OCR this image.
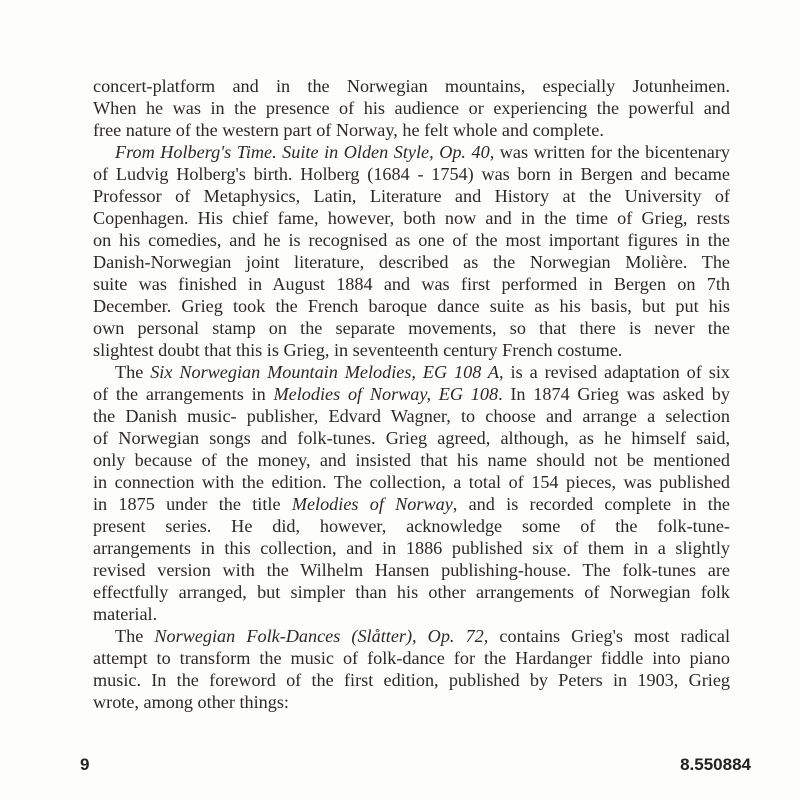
concert-platform and in the Norwegian mountains, especially Jotunheimen.
When he was in the presence of his audience or experiencing the powerful and
free nature of the western part of Norway, he felt whole and complete.
From Holberg's Time. Suite in Olden Style, Op. 40, was written for the bicentenary
of Ludvig Holberg's birth. Holberg (1684 - 1754) was born in Bergen and became
Professor of Metaphysics, Latin, Literature and History at the University of
Copenhagen. His chief fame, however, both now and in the time of Grieg, rests
on his comedies, and he is recognised as one of the most important figures in the
Danish-Norwegian joint literature, described as the Norwegian Molière. The
suite was finished in August 1884 and was first performed in Bergen on 7th
December. Grieg took the French baroque dance suite as his basis, but put his
own personal stamp on the separate movements, so that there is never the
slightest doubt that this is Grieg, in seventeenth century French costume.
The Six Norwegian Mountain Melodies, EG 108 A, is a revised adaptation of six
of the arrangements in Melodies of Norway, EG 108. In 1874 Grieg was asked by
the Danish music- publisher, Edvard Wagner, to choose and arrange a selection
of Norwegian songs and folk-tunes. Grieg agreed, although, as he himself said,
only because of the money, and insisted that his name should not be mentioned
in connection with the edition. The collection, a total of 154 pieces, was published
in 1875 under the title Melodies of Norway, and is recorded complete in the
present series. He did, however, acknowledge some of the folk-tune-
arrangements in this collection, and in 1886 published six of them in a slightly
revised version with the Wilhelm Hansen publishing-house. The folk-tunes are
effectfully arranged, but simpler than his other arrangements of Norwegian folk
material.
The Norwegian Folk-Dances (Slåtter), Op. 72, contains Grieg's most radical
attempt to transform the music of folk-dance for the Hardanger fiddle into piano
music. In the foreword of the first edition, published by Peters in 1903, Grieg
wrote, among other things:
9	8.550884
